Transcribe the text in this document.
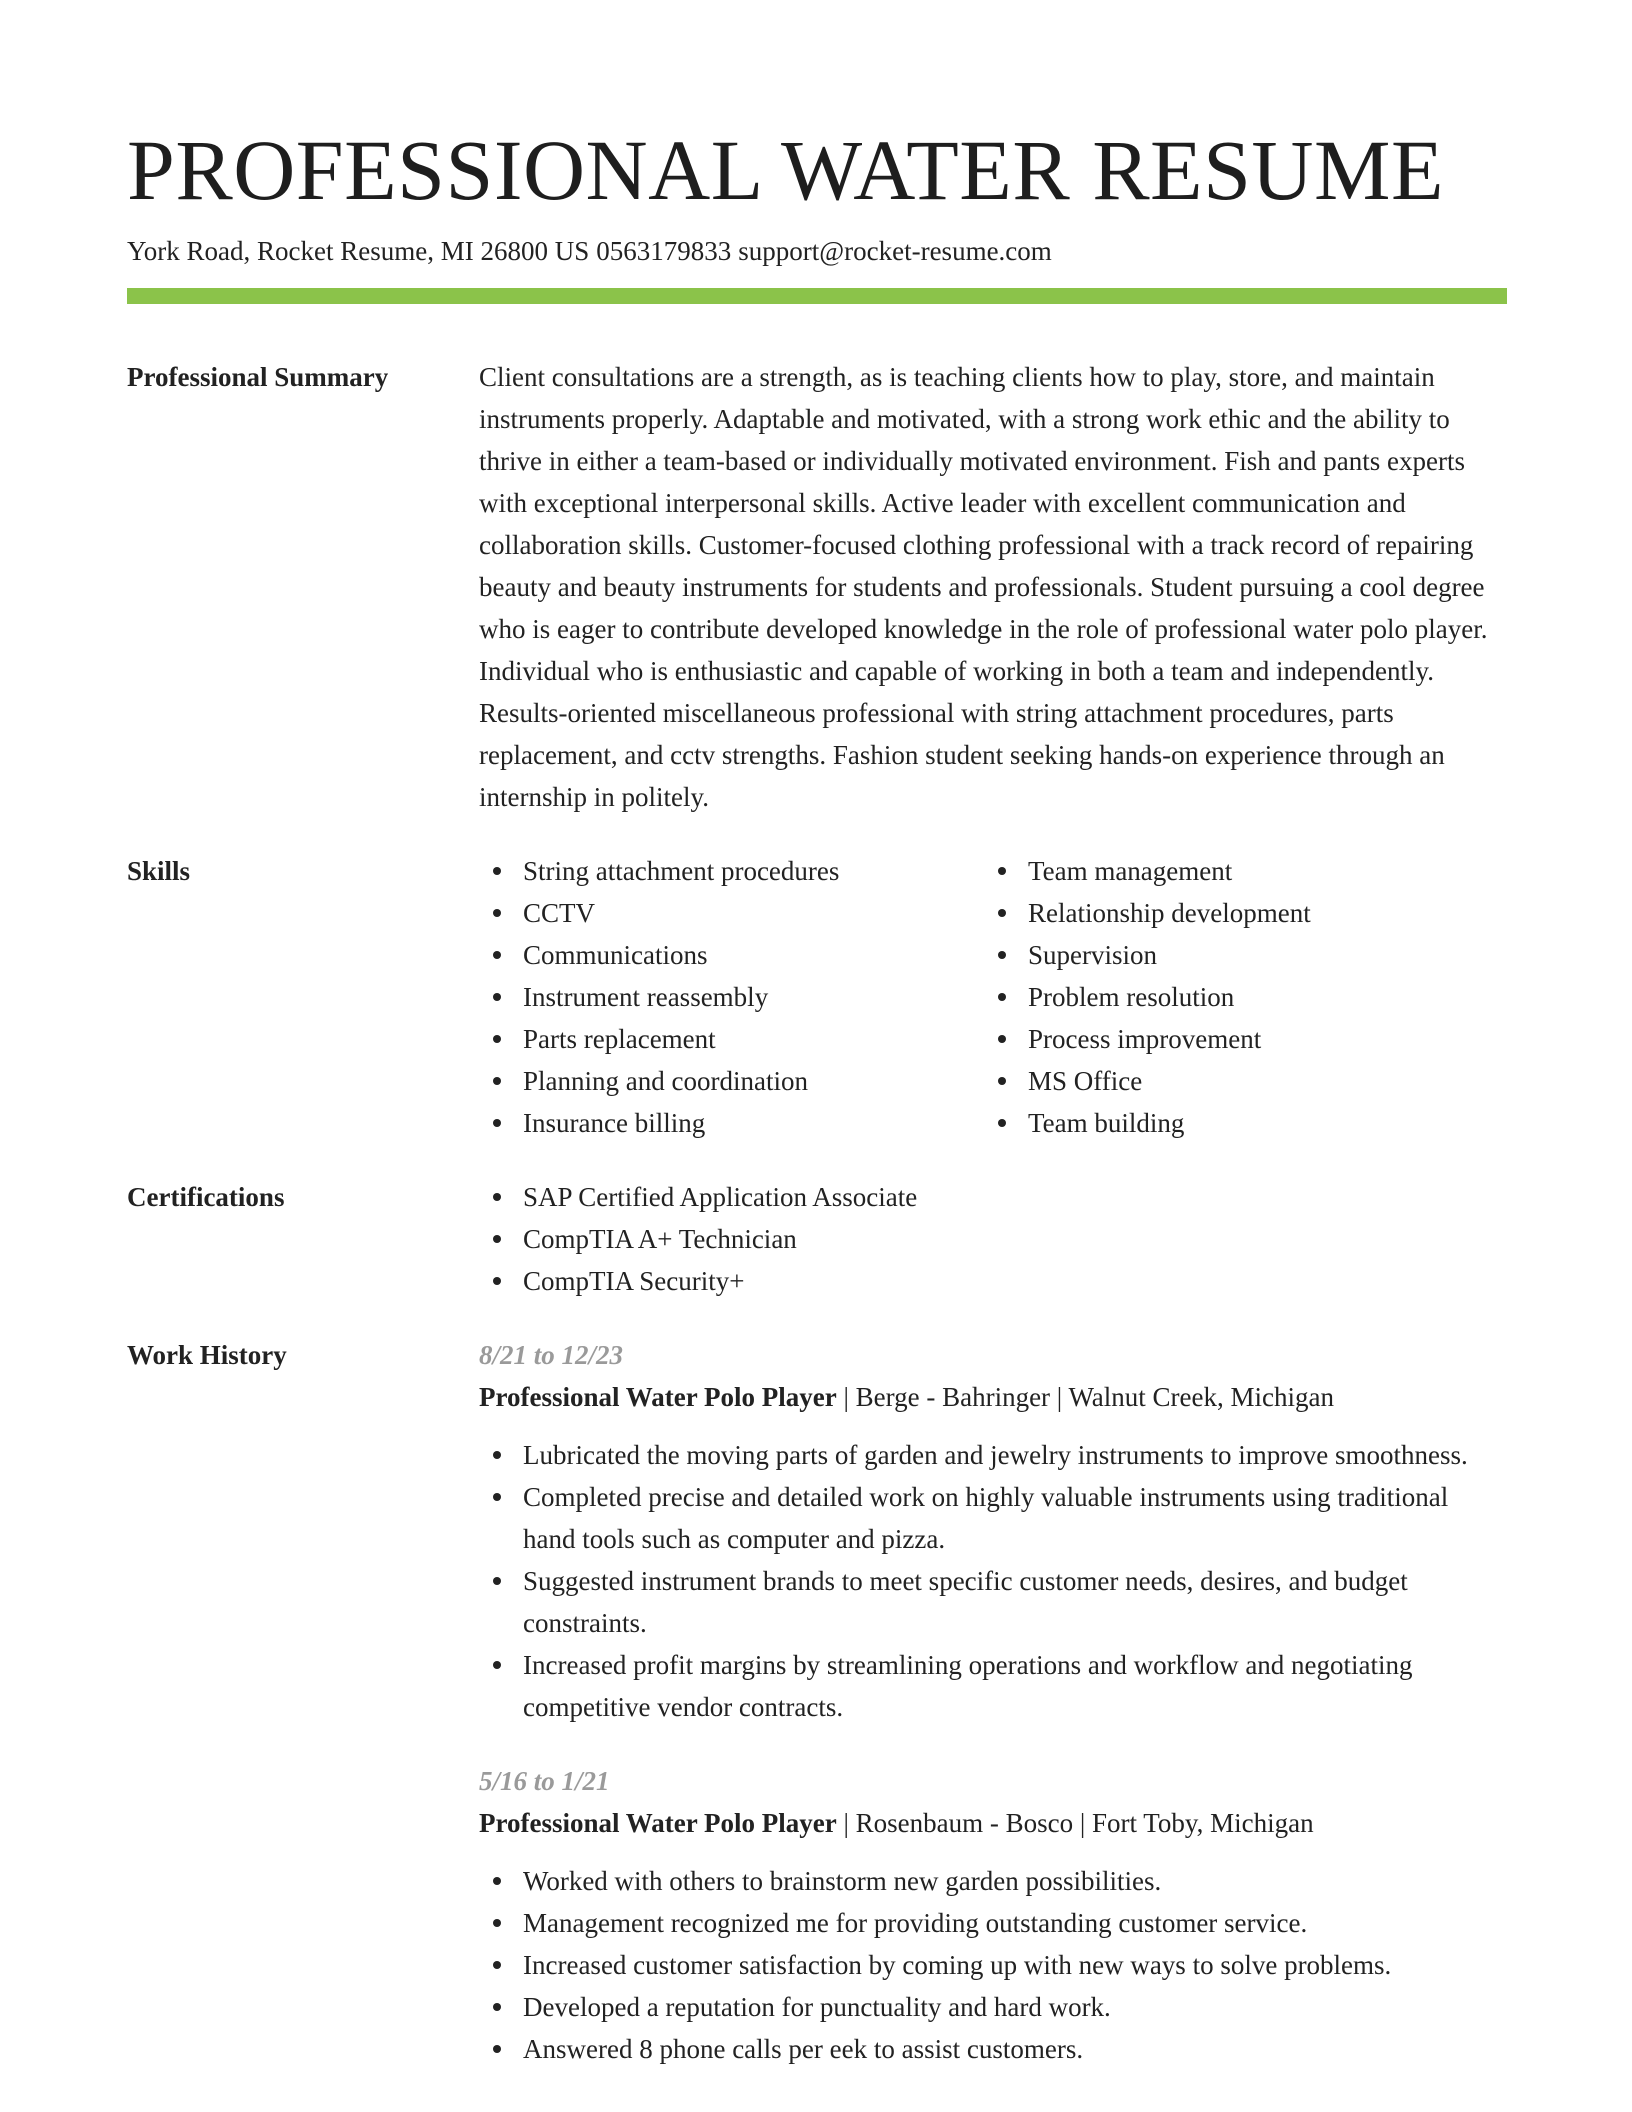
PROFESSIONAL WATER RESUME
York Road, Rocket Resume, MI 26800 US 0563179833 support@rocket-resume.com
Professional Summary	Client consultations are a strength, as is teaching clients how to play, store, and maintain instruments properly. Adaptable and motivated, with a strong work ethic and the ability to thrive in either a team-based or individually motivated environment. Fish and pants experts with exceptional interpersonal skills. Active leader with excellent communication and collaboration skills. Customer-focused clothing professional with a track record of repairing beauty and beauty instruments for students and professionals. Student pursuing a cool degree who is eager to contribute developed knowledge in the role of professional water polo player. Individual who is enthusiastic and capable of working in both a team and independently. Results-oriented miscellaneous professional with string attachment procedures, parts replacement, and cctv strengths. Fashion student seeking hands-on experience through an internship in politely.
Skills	String attachment procedures
CCTV
Communications
Instrument reassembly
Parts replacement
Planning and coordination
Insurance billing
Team management
Relationship development
Supervision
Problem resolution
Process improvement
MS Office
Team building
Certifications	SAP Certified Application Associate
CompTIA A+ Technician
CompTIA Security+
Work History	8/21 to 12/23
Professional Water Polo Player | Berge - Bahringer | Walnut Creek, Michigan
Lubricated the moving parts of garden and jewelry instruments to improve smoothness.
Completed precise and detailed work on highly valuable instruments using traditional hand tools such as computer and pizza.
Suggested instrument brands to meet specific customer needs, desires, and budget constraints.
Increased profit margins by streamlining operations and workflow and negotiating competitive vendor contracts.
5/16 to 1/21
Professional Water Polo Player | Rosenbaum - Bosco | Fort Toby, Michigan
Worked with others to brainstorm new garden possibilities.
Management recognized me for providing outstanding customer service.
Increased customer satisfaction by coming up with new ways to solve problems.
Developed a reputation for punctuality and hard work.
Answered 8 phone calls per eek to assist customers.
